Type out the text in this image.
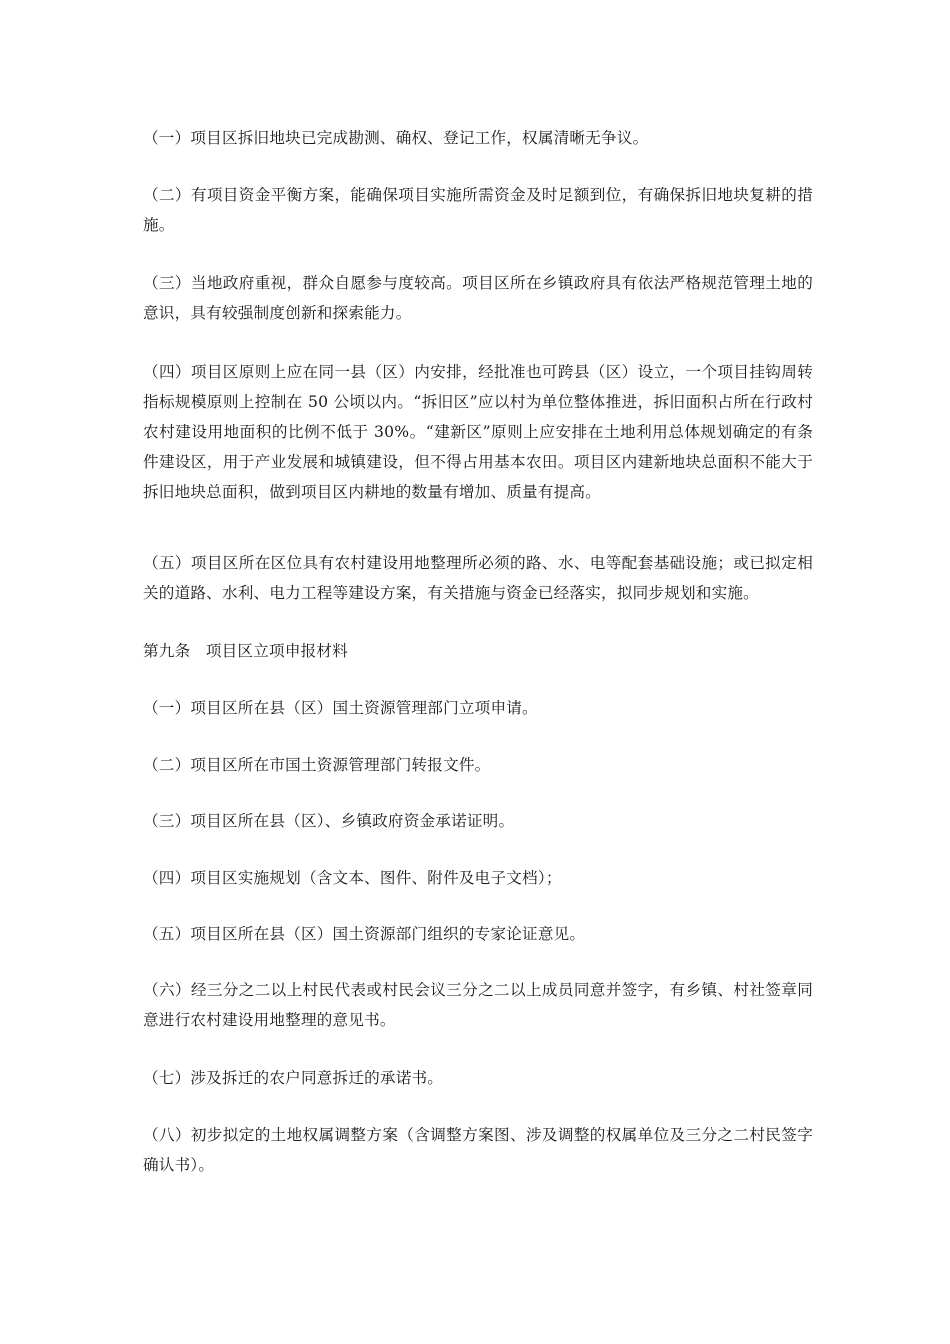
（一）项目区拆旧地块已完成勘测、确权、登记工作，权属清晰无争议。

（二）有项目资金平衡方案，能确保项目实施所需资金及时足额到位，有确保拆旧地块复耕的措施。

（三）当地政府重视，群众自愿参与度较高。项目区所在乡镇政府具有依法严格规范管理土地的意识，具有较强制度创新和探索能力。

（四）项目区原则上应在同一县（区）内安排，经批准也可跨县（区）设立，一个项目挂钩周转指标规模原则上控制在 50 公顷以内。“拆旧区”应以村为单位整体推进，拆旧面积占所在行政村农村建设用地面积的比例不低于 30%。“建新区”原则上应安排在土地利用总体规划确定的有条件建设区，用于产业发展和城镇建设，但不得占用基本农田。项目区内建新地块总面积不能大于拆旧地块总面积，做到项目区内耕地的数量有增加、质量有提高。

（五）项目区所在区位具有农村建设用地整理所必须的路、水、电等配套基础设施；或已拟定相关的道路、水利、电力工程等建设方案，有关措施与资金已经落实，拟同步规划和实施。

第九条   项目区立项申报材料

（一）项目区所在县（区）国土资源管理部门立项申请。

（二）项目区所在市国土资源管理部门转报文件。

（三）项目区所在县（区）、乡镇政府资金承诺证明。

（四）项目区实施规划（含文本、图件、附件及电子文档）；

（五）项目区所在县（区）国土资源部门组织的专家论证意见。

（六）经三分之二以上村民代表或村民会议三分之二以上成员同意并签字，有乡镇、村社签章同意进行农村建设用地整理的意见书。

（七）涉及拆迁的农户同意拆迁的承诺书。

（八）初步拟定的土地权属调整方案（含调整方案图、涉及调整的权属单位及三分之二村民签字确认书）。
